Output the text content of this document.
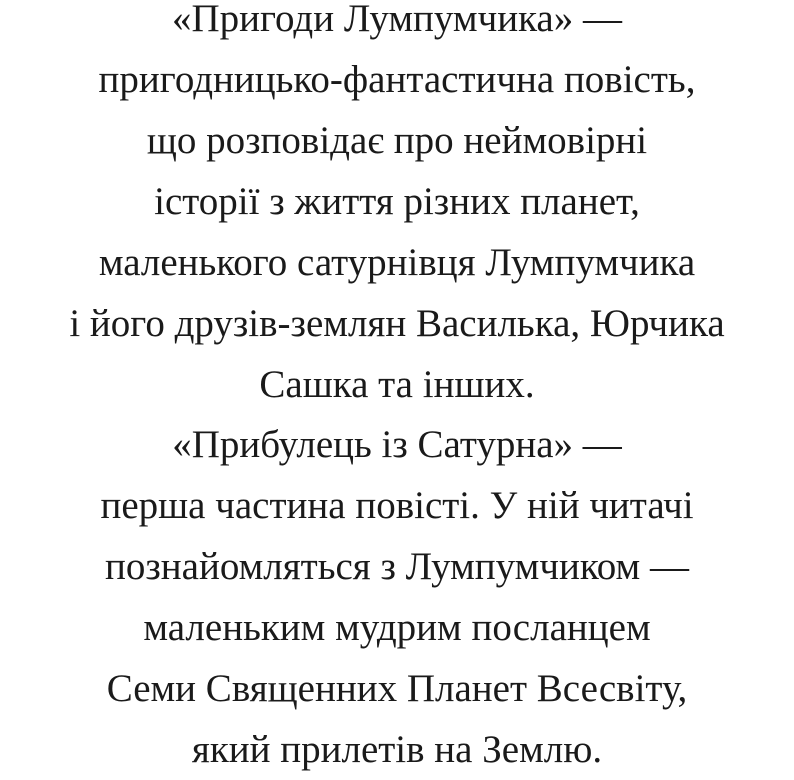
«Пригоди Лумпумчика» —
пригодницько-фантастична повість,
що розповідає про неймовірні
історії з життя різних планет,
маленького сатурнівця Лумпумчика
і його друзів-землян Василька, Юрчика
Сашка та інших.

«Прибулець із Сатурна» —
перша частина повісті. У ній читачі
познайомляться з Лумпумчиком —
маленьким мудрим посланцем
Семи Священних Планет Всесвіту,
який прилетів на Землю.
